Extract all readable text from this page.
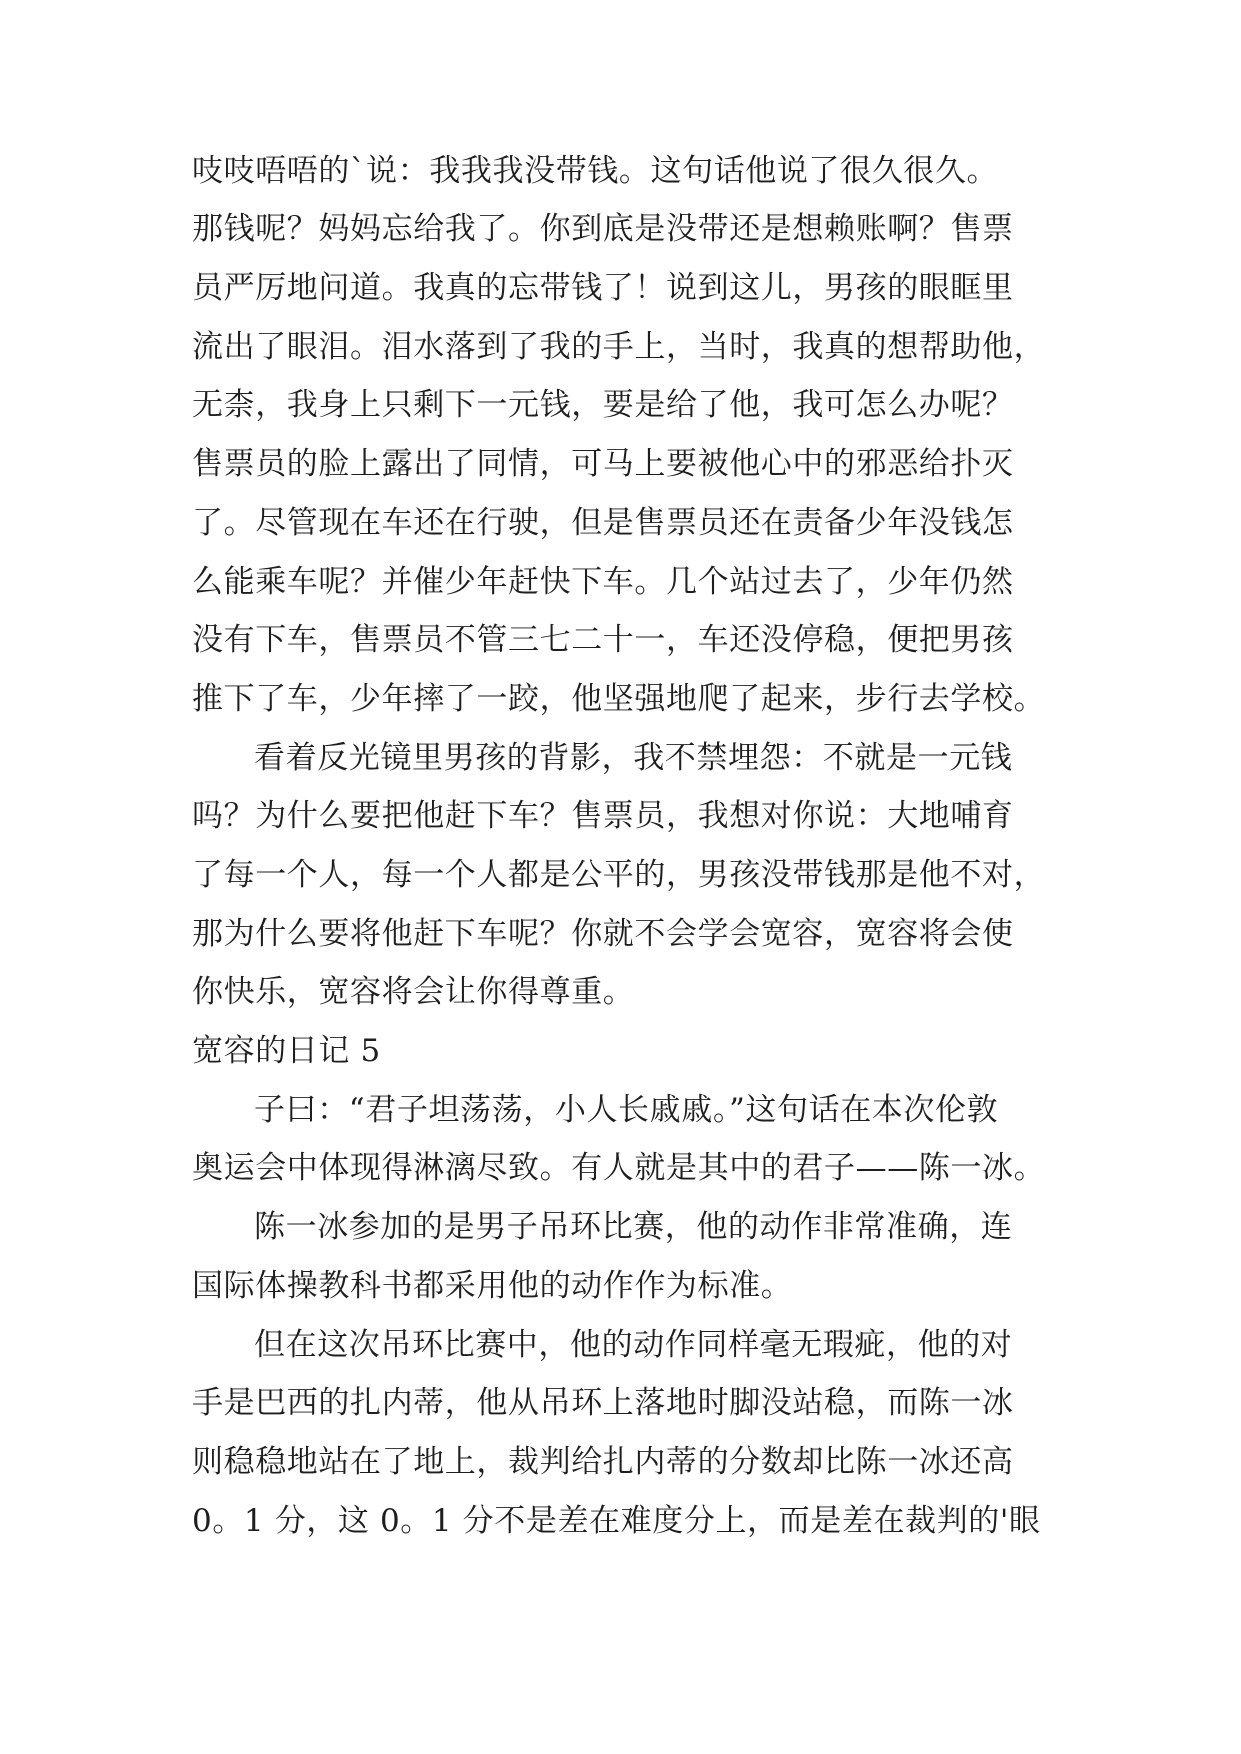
吱吱唔唔的`说：我我我没带钱。这句话他说了很久很久。
那钱呢？妈妈忘给我了。你到底是没带还是想赖账啊？售票
员严厉地问道。我真的忘带钱了！说到这儿，男孩的眼眶里
流出了眼泪。泪水落到了我的手上，当时，我真的想帮助他，
无柰，我身上只剩下一元钱，要是给了他，我可怎么办呢？
售票员的脸上露出了同情，可马上要被他心中的邪恶给扑灭
了。尽管现在车还在行驶，但是售票员还在责备少年没钱怎
么能乘车呢？并催少年赶快下车。几个站过去了，少年仍然
没有下车，售票员不管三七二十一，车还没停稳，便把男孩
推下了车，少年摔了一跤，他坚强地爬了起来，步行去学校。
看着反光镜里男孩的背影，我不禁埋怨：不就是一元钱
吗？为什么要把他赶下车？售票员，我想对你说：大地哺育
了每一个人，每一个人都是公平的，男孩没带钱那是他不对，
那为什么要将他赶下车呢？你就不会学会宽容，宽容将会使
你快乐，宽容将会让你得尊重。
宽容的日记 5
子曰：“君子坦荡荡，小人长戚戚。”这句话在本次伦敦
奥运会中体现得淋漓尽致。有人就是其中的君子——陈一冰。
陈一冰参加的是男子吊环比赛，他的动作非常准确，连
国际体操教科书都采用他的动作作为标准。
但在这次吊环比赛中，他的动作同样毫无瑕疵，他的对
手是巴西的扎内蒂，他从吊环上落地时脚没站稳，而陈一冰
则稳稳地站在了地上，裁判给扎内蒂的分数却比陈一冰还高
0。1 分，这 0。1 分不是差在难度分上，而是差在裁判的'眼
